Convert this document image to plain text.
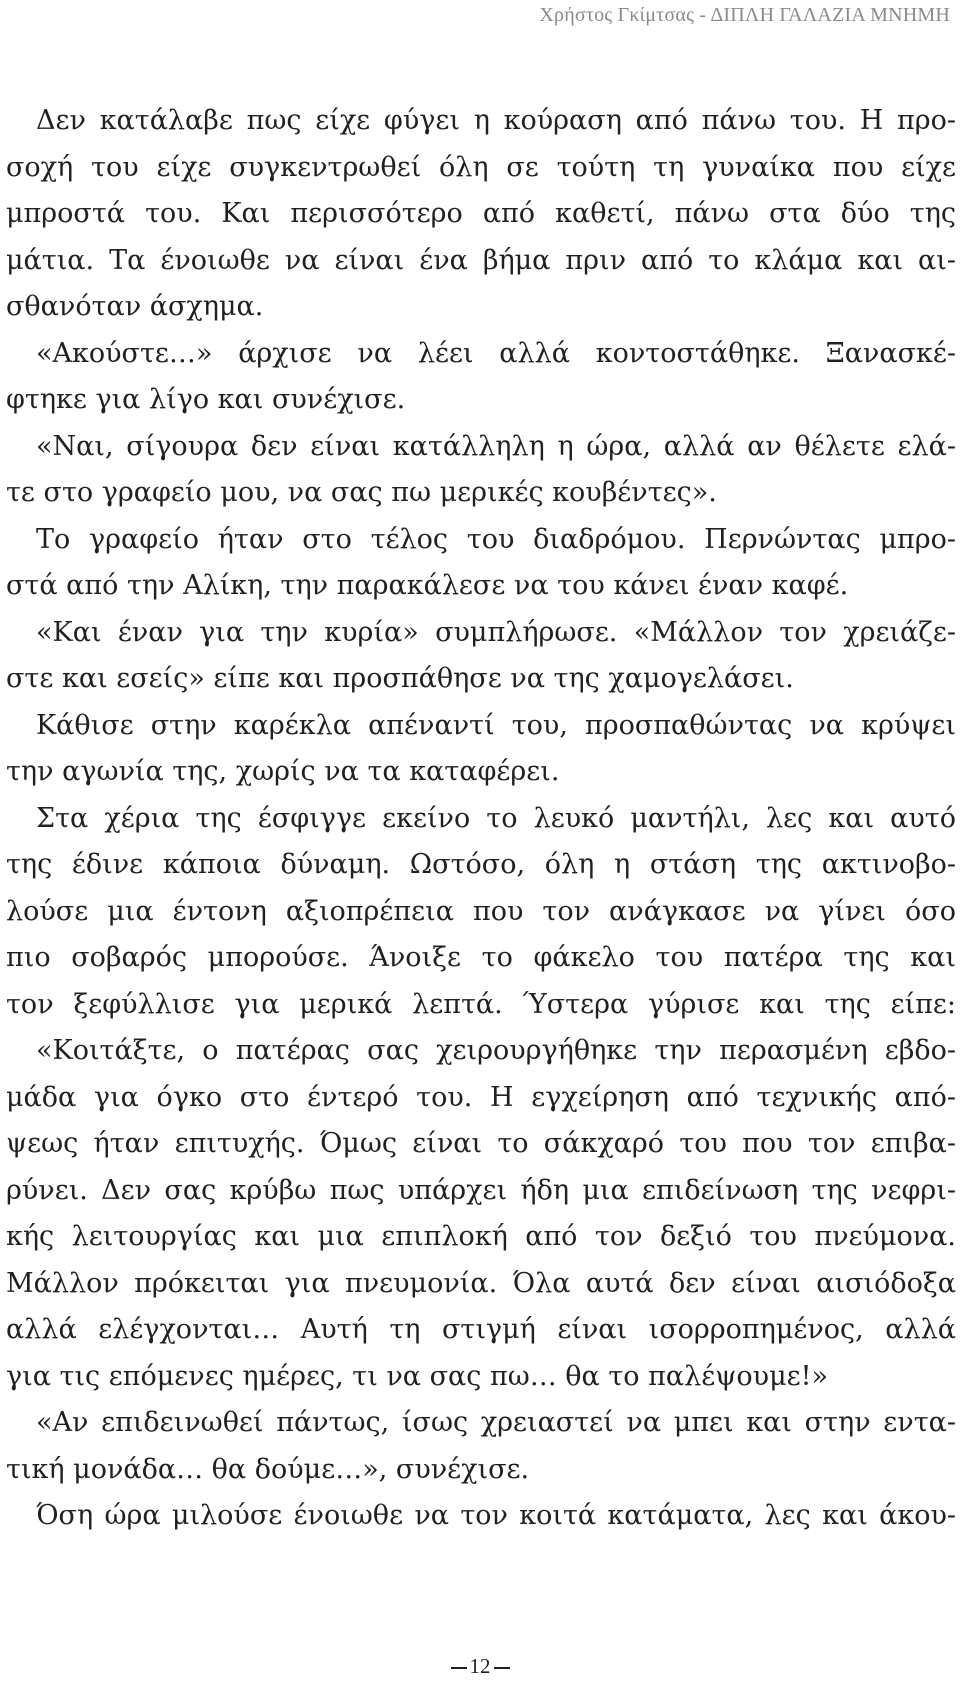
Χρήστος Γκίμτσας - ΔΙΠΛΗ ΓΑΛΑΖΙΑ ΜΝΗΜΗ
Δεν κατάλαβε πως είχε φύγει η κούραση από πάνω του. Η προ-
σοχή του είχε συγκεντρωθεί όλη σε τούτη τη γυναίκα που είχε
μπροστά του. Και περισσότερο από καθετί, πάνω στα δύο της
μάτια. Τα ένοιωθε να είναι ένα βήμα πριν από το κλάμα και αι-
σθανόταν άσχημα.
«Ακούστε…» άρχισε να λέει αλλά κοντοστάθηκε. Ξανασκέ-
φτηκε για λίγο και συνέχισε.
«Ναι, σίγουρα δεν είναι κατάλληλη η ώρα, αλλά αν θέλετε ελά-
τε στο γραφείο μου, να σας πω μερικές κουβέντες».
Το γραφείο ήταν στο τέλος του διαδρόμου. Περνώντας μπρο-
στά από την Αλίκη, την παρακάλεσε να του κάνει έναν καφέ.
«Και έναν για την κυρία» συμπλήρωσε. «Μάλλον τον χρειάζε-
στε και εσείς» είπε και προσπάθησε να της χαμογελάσει.
Κάθισε στην καρέκλα απέναντί του, προσπαθώντας να κρύψει
την αγωνία της, χωρίς να τα καταφέρει.
Στα χέρια της έσφιγγε εκείνο το λευκό μαντήλι, λες και αυτό
της έδινε κάποια δύναμη. Ωστόσο, όλη η στάση της ακτινοβο-
λούσε μια έντονη αξιοπρέπεια που τον ανάγκασε να γίνει όσο
πιο σοβαρός μπορούσε. Άνοιξε το φάκελο του πατέρα της και
τον ξεφύλλισε για μερικά λεπτά. Ύστερα γύρισε και της είπε:
«Κοιτάξτε, ο πατέρας σας χειρουργήθηκε την περασμένη εβδο-
μάδα για όγκο στο έντερό του. Η εγχείρηση από τεχνικής από-
ψεως ήταν επιτυχής. Όμως είναι το σάκχαρό του που τον επιβα-
ρύνει. Δεν σας κρύβω πως υπάρχει ήδη μια επιδείνωση της νεφρι-
κής λειτουργίας και μια επιπλοκή από τον δεξιό του πνεύμονα.
Μάλλον πρόκειται για πνευμονία. Όλα αυτά δεν είναι αισιόδοξα
αλλά ελέγχονται… Αυτή τη στιγμή είναι ισορροπημένος, αλλά
για τις επόμενες ημέρες, τι να σας πω… θα το παλέψουμε!»
«Αν επιδεινωθεί πάντως, ίσως χρειαστεί να μπει και στην εντα-
τική μονάδα… θα δούμε…», συνέχισε.
Όση ώρα μιλούσε ένοιωθε να τον κοιτά κατάματα, λες και άκου-
12
